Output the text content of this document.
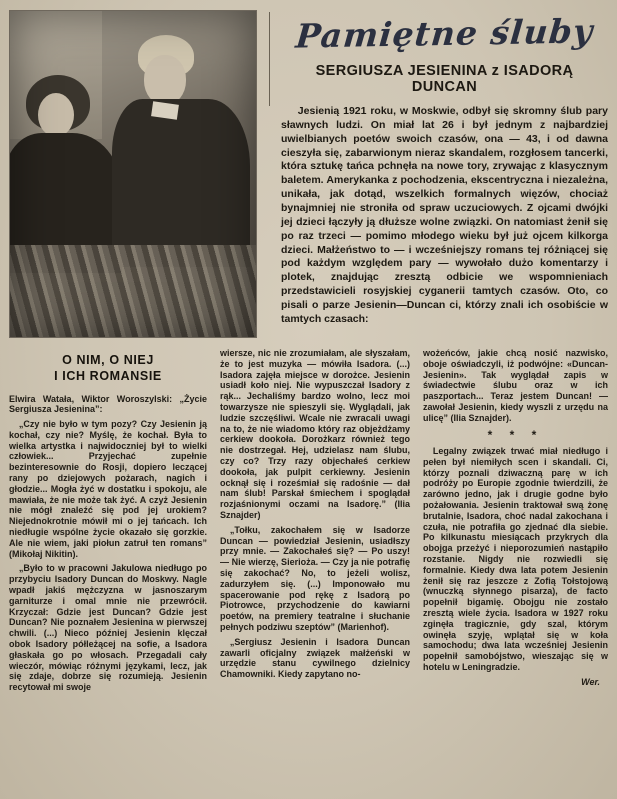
Pamiętne śluby
SERGIUSZA JESIENINA z ISADORĄ DUNCAN

Jesienią 1921 roku, w Moskwie, odbył się skromny ślub pary sławnych ludzi. On miał lat 26 i był jednym z najbardziej uwielbianych poetów swoich czasów, ona — 43, i od dawna cieszyła się, zabarwionym nieraz skandalem, rozgłosem tancerki, która sztukę tańca pchnęła na nowe tory, zrywając z klasycznym baletem. Amerykanka z pochodzenia, ekscentryczna i niezależna, unikała, jak dotąd, wszelkich formalnych więzów, chociaż bynajmniej nie stroniła od spraw uczuciowych. Z ojcami dwójki jej dzieci łączyły ją dłuższe wolne związki. On natomiast żenił się po raz trzeci — pomimo młodego wieku był już ojcem kilkorga dzieci. Małżeństwo to — i wcześniejszy romans tej różniącej się pod każdym względem pary — wywołało dużo komentarzy i plotek, znajdując zresztą odbicie we wspomnieniach przedstawicieli rosyjskiej cyganerii tamtych czasów. Oto, co pisali o parze Jesienin—Duncan ci, którzy znali ich osobiście w tamtych czasach:

O NIM, O NIEJ
I ICH ROMANSIE

Elwira Watała, Wiktor Woroszylski: „Życie Sergiusza Jesienina”:

„Czy nie było w tym pozy? Czy Jesienin ją kochał, czy nie? Myślę, że kochał. Była to wielka artystka i najwidoczniej był to wielki człowiek... Przyjechać zupełnie bezinteresownie do Rosji, dopiero leczącej rany po dziejowych pożarach, nagich i głodzie... Mogła żyć w dostatku i spokoju, ale mawiała, że nie może tak żyć. A czyż Jesienin nie mógł znaleźć się pod jej urokiem? Niejednokrotnie mówił mi o jej tańcach. Ich niedługie wspólne życie okazało się gorzkie. Ale nie wiem, jaki piołun zatruł ten romans” (Mikołaj Nikitin).

„Było to w pracowni Jakulowa niedługo po przybyciu Isadory Duncan do Moskwy. Nagle wpadł jakiś mężczyzna w jasnoszarym garniturze i omal mnie nie przewrócił. Krzyczał: Gdzie jest Duncan? Gdzie jest Duncan? Nie poznałem Jesienina w pierwszej chwili. (...) Nieco później Jesienin klęczał obok Isadory półleżącej na sofie, a Isadora głaskała go po włosach. Przegadali cały wieczór, mówiąc różnymi językami, lecz, jak się zdaje, dobrze się rozumieją. Jesienin recytował mi swoje

wiersze, nic nie zrozumiałam, ale słyszałam, że to jest muzyka — mówiła Isadora. (...) Isadora zajęła miejsce w dorożce. Jesienin usiadł koło niej. Nie wypuszczał Isadory z rąk... Jechaliśmy bardzo wolno, lecz moi towarzysze nie spieszyli się. Wyglądali, jak ludzie szczęśliwi. Wcale nie zwracali uwagi na to, że nie wiadomo który raz objeżdżamy cerkiew dookoła. Dorożkarz również tego nie dostrzegał. Hej, udzielasz nam ślubu, czy co? Trzy razy objechałeś cerkiew dookoła, jak pulpit cerkiewny. Jesienin ocknął się i roześmiał się radośnie — dał nam ślub! Parskał śmiechem i spoglądał rozjaśnionymi oczami na Isadorę.” (Ilia Sznajder)

„Tołku, zakochałem się w Isadorze Duncan — powiedział Jesienin, usiadłszy przy mnie. — Zakochałeś się? — Po uszy! — Nie wierzę, Sierioża. — Czy ja nie potrafię się zakochać? No, to jeżeli wolisz, zadurzyłem się. (...) Imponowało mu spacerowanie pod rękę z Isadorą po Piotrowce, przychodzenie do kawiarni poetów, na premiery teatralne i słuchanie pełnych podziwu szeptów” (Marienhof).

„Sergiusz Jesienin i Isadora Duncan zawarli oficjalny związek małżeński w urzędzie stanu cywilnego dzielnicy Chamowniki. Kiedy zapytano no-

wożeńców, jakie chcą nosić nazwisko, oboje oświadczyli, iż podwójne: «Duncan-Jesienin». Tak wyglądał zapis w świadectwie ślubu oraz w ich paszportach... Teraz jestem Duncan! — zawołał Jesienin, kiedy wyszli z urzędu na ulicę” (Ilia Sznajder).

* * *

Legalny związek trwać miał niedługo i pełen był niemiłych scen i skandali. Ci, którzy poznali dziwaczną parę w ich podróży po Europie zgodnie twierdzili, że zarówno jedno, jak i drugie godne było pożałowania. Jesienin traktował swą żonę brutalnie, Isadora, choć nadal zakochana i czuła, nie potrafiła go zjednać dla siebie. Po kilkunastu miesiącach przykrych dla obojga przeżyć i nieporozumień nastąpiło rozstanie. Nigdy nie rozwiedli się formalnie. Kiedy dwa lata potem Jesienin żenił się raz jeszcze z Zofią Tołstojową (wnuczką słynnego pisarza), de facto popełnił bigamię. Obojgu nie zostało zresztą wiele życia. Isadora w 1927 roku zginęła tragicznie, gdy szal, którym owinęła szyję, wplątał się w koła samochodu; dwa lata wcześniej Jesienin popełnił samobójstwo, wieszając się w hotelu w Leningradzie.

Wer.
